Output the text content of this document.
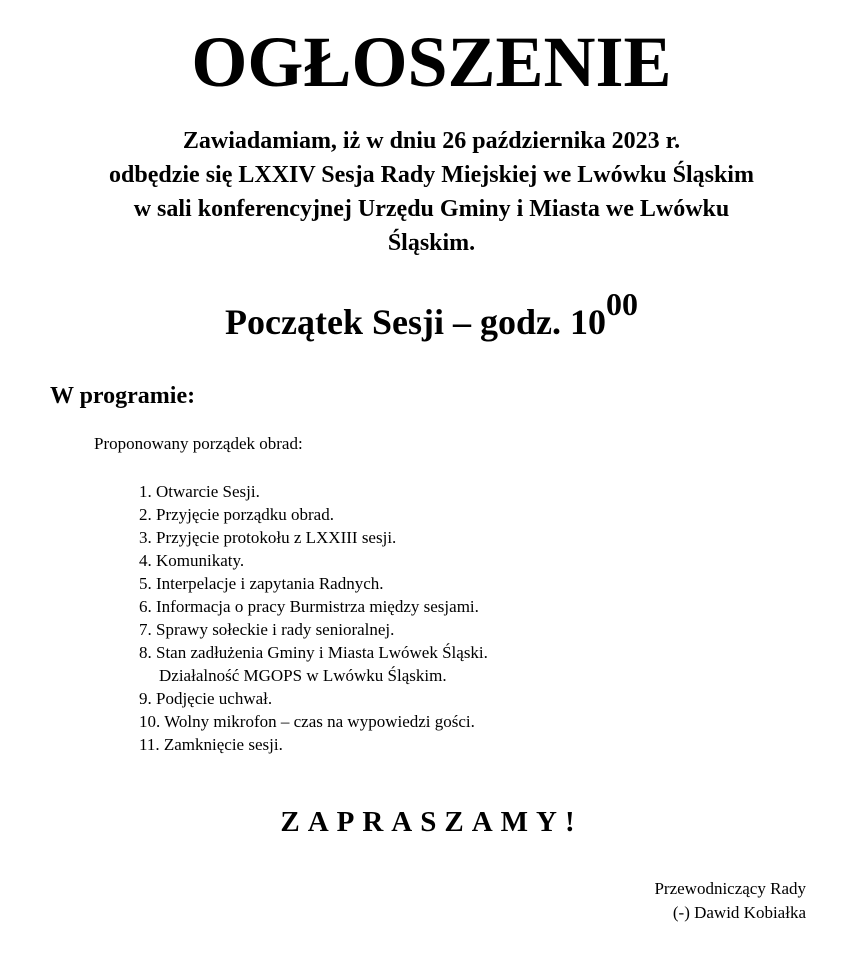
OGŁOSZENIE
Zawiadamiam, iż w dniu 26 października 2023 r.
odbędzie się LXXIV Sesja Rady Miejskiej we Lwówku Śląskim
w sali konferencyjnej Urzędu Gminy i Miasta we Lwówku
Śląskim.
Początek Sesji – godz. $10^{00}$
W programie:
Proponowany porządek obrad:
1. Otwarcie Sesji.
2. Przyjęcie porządku obrad.
3. Przyjęcie protokołu z LXXIII sesji.
4. Komunikaty.
5. Interpelacje i zapytania Radnych.
6. Informacja o pracy Burmistrza między sesjami.
7. Sprawy sołeckie i rady senioralnej.
8. Stan zadłużenia Gminy i Miasta Lwówek Śląski.
Działalność MGOPS w Lwówku Śląskim.
9. Podjęcie uchwał.
10. Wolny mikrofon – czas na wypowiedzi gości.
11. Zamknięcie sesji.
ZAPRASZAMY!
Przewodniczący Rady
(-) Dawid Kobiałka
